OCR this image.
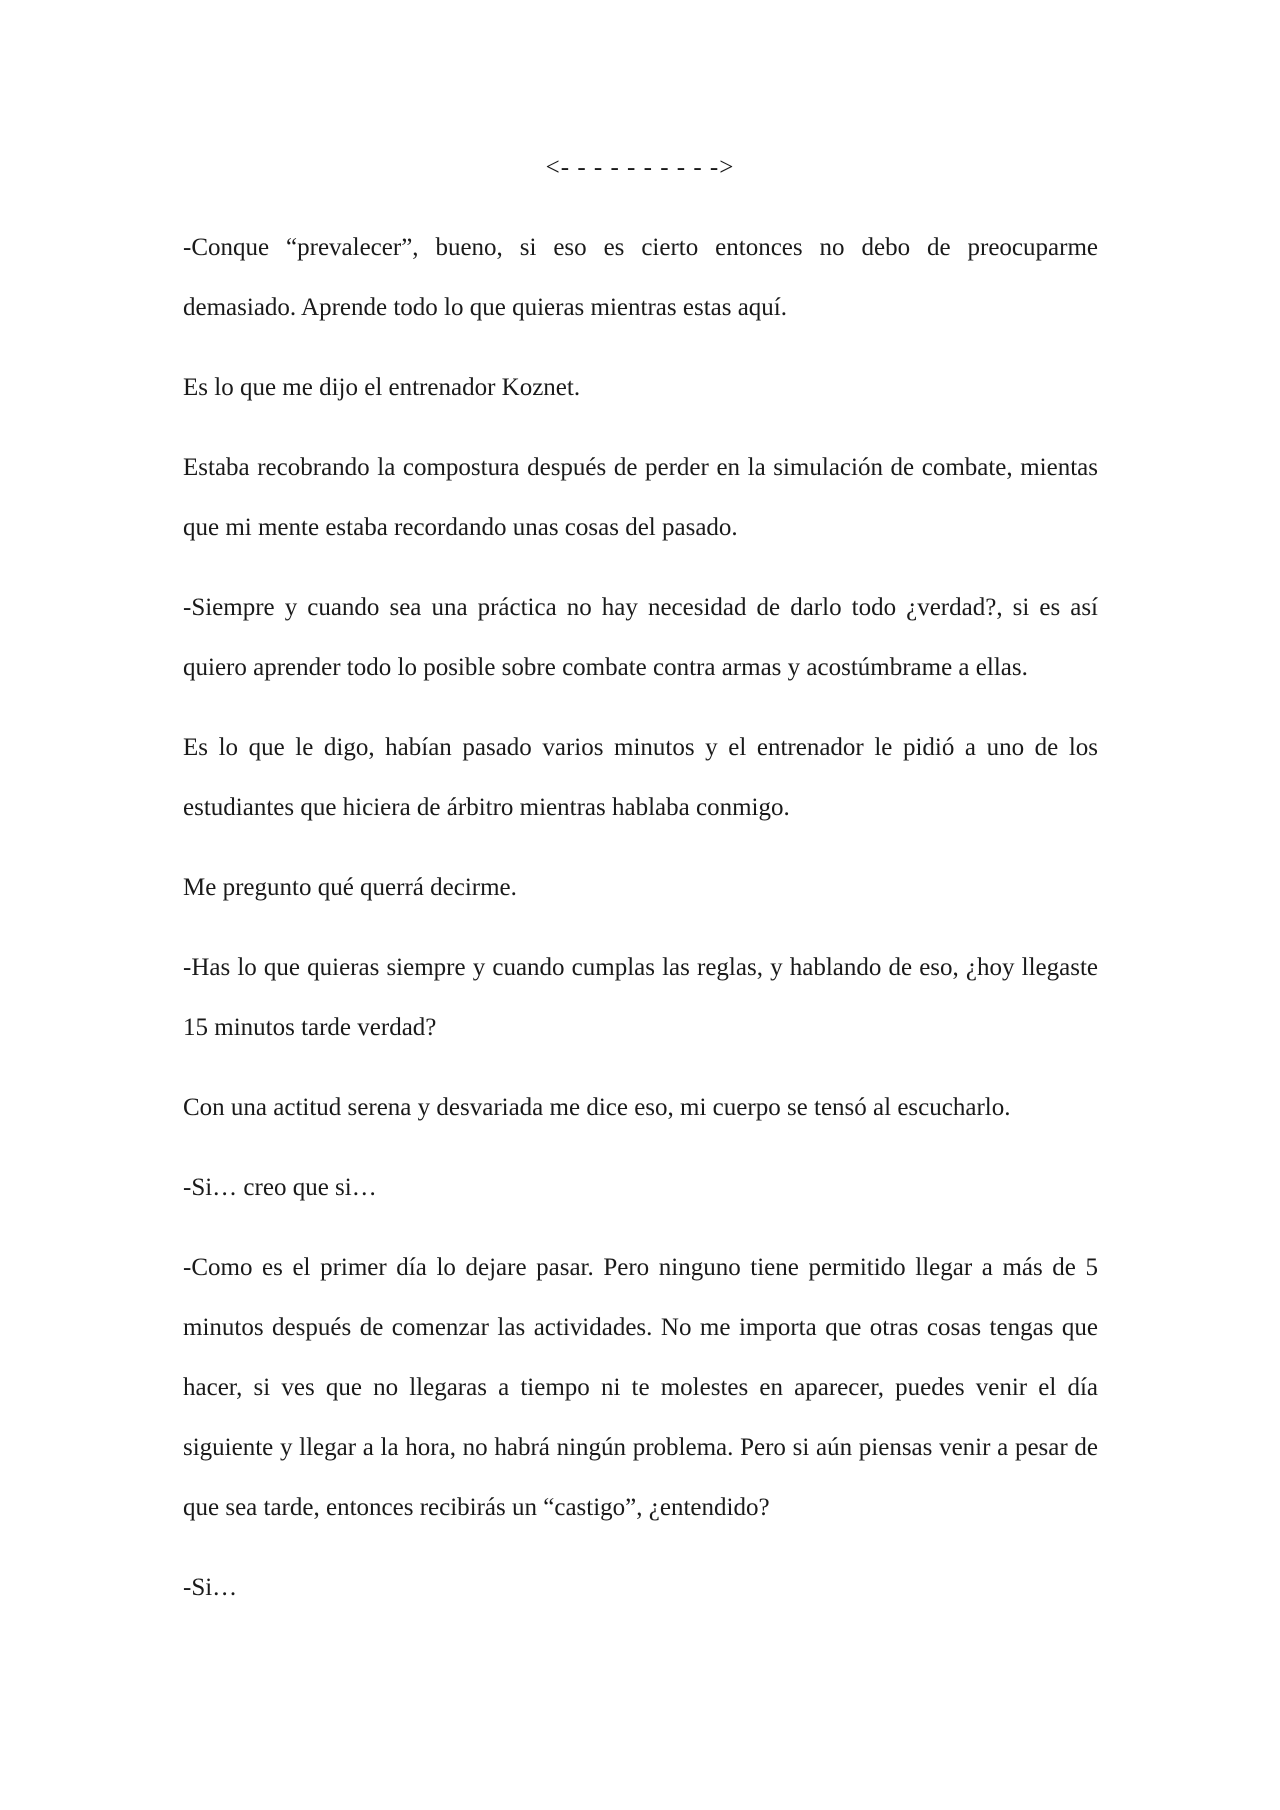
<- - - - - - - - - ->

-Conque “prevalecer”, bueno, si eso es cierto entonces no debo de preocuparme demasiado. Aprende todo lo que quieras mientras estas aquí.

Es lo que me dijo el entrenador Koznet.

Estaba recobrando la compostura después de perder en la simulación de combate, mientas que mi mente estaba recordando unas cosas del pasado.

-Siempre y cuando sea una práctica no hay necesidad de darlo todo ¿verdad?, si es así quiero aprender todo lo posible sobre combate contra armas y acostúmbrame a ellas.

Es lo que le digo, habían pasado varios minutos y el entrenador le pidió a uno de los estudiantes que hiciera de árbitro mientras hablaba conmigo.

Me pregunto qué querrá decirme.

-Has lo que quieras siempre y cuando cumplas las reglas, y hablando de eso, ¿hoy llegaste 15 minutos tarde verdad?

Con una actitud serena y desvariada me dice eso, mi cuerpo se tensó al escucharlo.

-Si… creo que si…

-Como es el primer día lo dejare pasar. Pero ninguno tiene permitido llegar a más de 5 minutos después de comenzar las actividades. No me importa que otras cosas tengas que hacer, si ves que no llegaras a tiempo ni te molestes en aparecer, puedes venir el día siguiente y llegar a la hora, no habrá ningún problema. Pero si aún piensas venir a pesar de que sea tarde, entonces recibirás un “castigo”, ¿entendido?

-Si…
